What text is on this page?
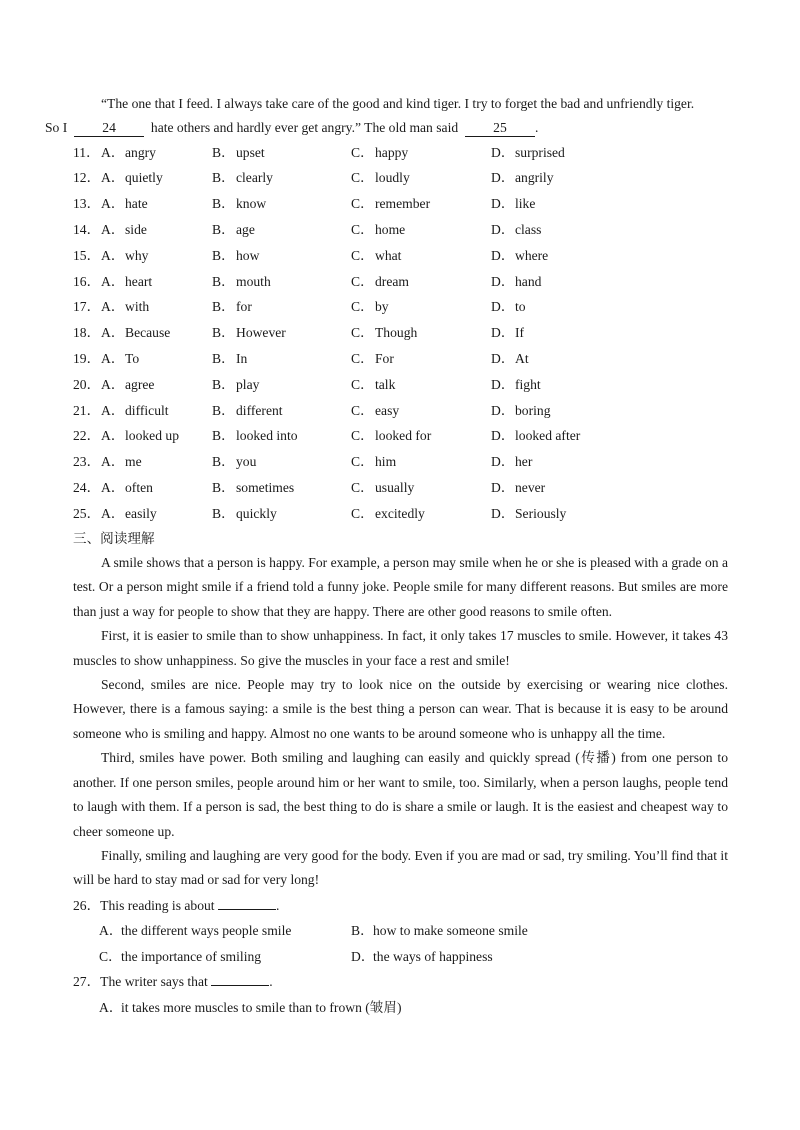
“The one that I feed. I always take care of the good and kind tiger. I try to forget the bad and unfriendly tiger.
So I	24	hate others and hardly ever get angry.” The old man said	25 .

11． A．angry	B．upset	C．happy	D．surprised
12． A．quietly	B．clearly	C．loudly	D．angrily
13． A．hate	B．know	C．remember	D．like
14． A．side	B．age	C．home	D．class
15． A．why	B．how	C．what	D．where
16． A．heart	B．mouth	C．dream	D．hand
17． A．with	B．for	C．by	D．to
18． A．Because	B．However	C．Though	D．If
19． A．To	B．In	C．For	D．At
20． A．agree	B．play	C．talk	D．fight
21． A．difficult	B．different	C．easy	D．boring
22． A．looked up B．looked into	C．looked for	D．looked after
23． A．me	B．you	C．him	D．her
24． A．often	B．sometimes	C．usually	D．never
25． A．easily	B．quickly	C．excitedly	D．Seriously

三、阅读理解

A smile shows that a person is happy. For example, a person may smile when he or she is pleased with a grade on a test. Or a person might smile if a friend told a funny joke. People smile for many different reasons. But smiles are more than just a way for people to show that they are happy. There are other good reasons to smile often.

First, it is easier to smile than to show unhappiness. In fact, it only takes 17 muscles to smile. However, it takes 43 muscles to show unhappiness. So give the muscles in your face a rest and smile!

Second, smiles are nice. People may try to look nice on the outside by exercising or wearing nice clothes. However, there is a famous saying: a smile is the best thing a person can wear. That is because it is easy to be around someone who is smiling and happy. Almost no one wants to be around someone who is unhappy all the time.

Third, smiles have power. Both smiling and laughing can easily and quickly spread (传播) from one person to another. If one person smiles, people around him or her want to smile, too. Similarly, when a person laughs, people tend to laugh with them. If a person is sad, the best thing to do is share a smile or laugh. It is the easiest and cheapest way to cheer someone up.

Finally, smiling and laughing are very good for the body. Even if you are mad or sad, try smiling. You’ll find that it will be hard to stay mad or sad for very long!

26．This reading is about	.
A．the different ways people smile	B．how to make someone smile
C．the importance of smiling	D．the ways of happiness
27．The writer says that	.
A．it takes more muscles to smile than to frown (皱眉)
